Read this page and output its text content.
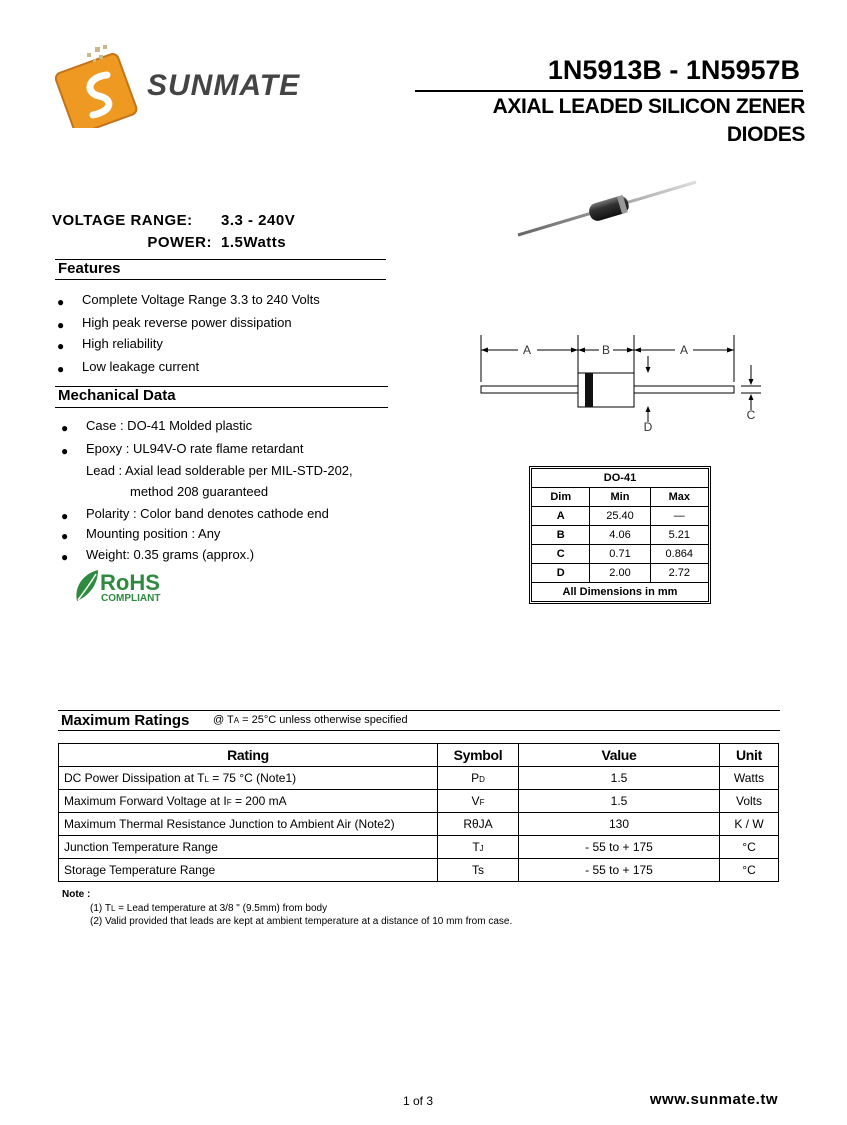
SUNMATE	1N5913B - 1N5957B
AXIAL LEADED SILICON ZENER DIODES
VOLTAGE RANGE:	3.3 - 240V
POWER: 1.5Watts
Features
● Complete Voltage Range 3.3 to 240 Volts
● High peak reverse power dissipation
● High reliability
● Low leakage current
Mechanical Data
● Case : DO-41 Molded plastic
● Epoxy : UL94V-O rate flame retardant
Lead : Axial lead solderable per MIL-STD-202,
method 208 guaranteed
● Polarity : Color band denotes cathode end
● Mounting position : Any
● Weight: 0.35 grams (approx.)
RoHS
COMPLIANT
A	B	A
D
C
DO-41		
Dim	Min	Max
A	25.40	—
B	4.06	5.21
C	0.71	0.864
D	2.00	2.72
All Dimensions in mm		
Maximum Ratings @ TA = 25°C unless otherwise specified
Rating	Symbol	Value	Unit
DC Power Dissipation at TL = 75 °C (Note1)	PD	1.5	Watts
Maximum Forward Voltage at IF = 200 mA	VF	1.5	Volts
Maximum Thermal Resistance Junction to Ambient Air (Note2)	RθJA	130	K / W
Junction Temperature Range	TJ	- 55 to + 175	°C
Storage Temperature Range	Ts	- 55 to + 175	°C
Note :
(1) TL = Lead temperature at 3/8 " (9.5mm) from body
(2) Valid provided that leads are kept at ambient temperature at a distance of 10 mm from case.
1 of 3	www.sunmate.tw
